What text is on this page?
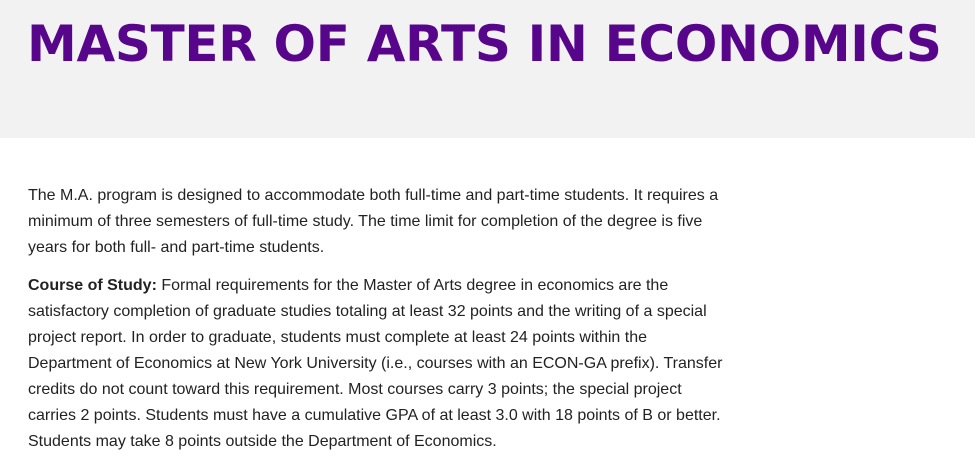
MASTER OF ARTS IN ECONOMICS

The M.A. program is designed to accommodate both full-time and part-time students. It requires a
minimum of three semesters of full-time study. The time limit for completion of the degree is five
years for both full- and part-time students.

Course of Study: Formal requirements for the Master of Arts degree in economics are the
satisfactory completion of graduate studies totaling at least 32 points and the writing of a special
project report. In order to graduate, students must complete at least 24 points within the
Department of Economics at New York University (i.e., courses with an ECON-GA prefix). Transfer
credits do not count toward this requirement. Most courses carry 3 points; the special project
carries 2 points. Students must have a cumulative GPA of at least 3.0 with 18 points of B or better.
Students may take 8 points outside the Department of Economics.
